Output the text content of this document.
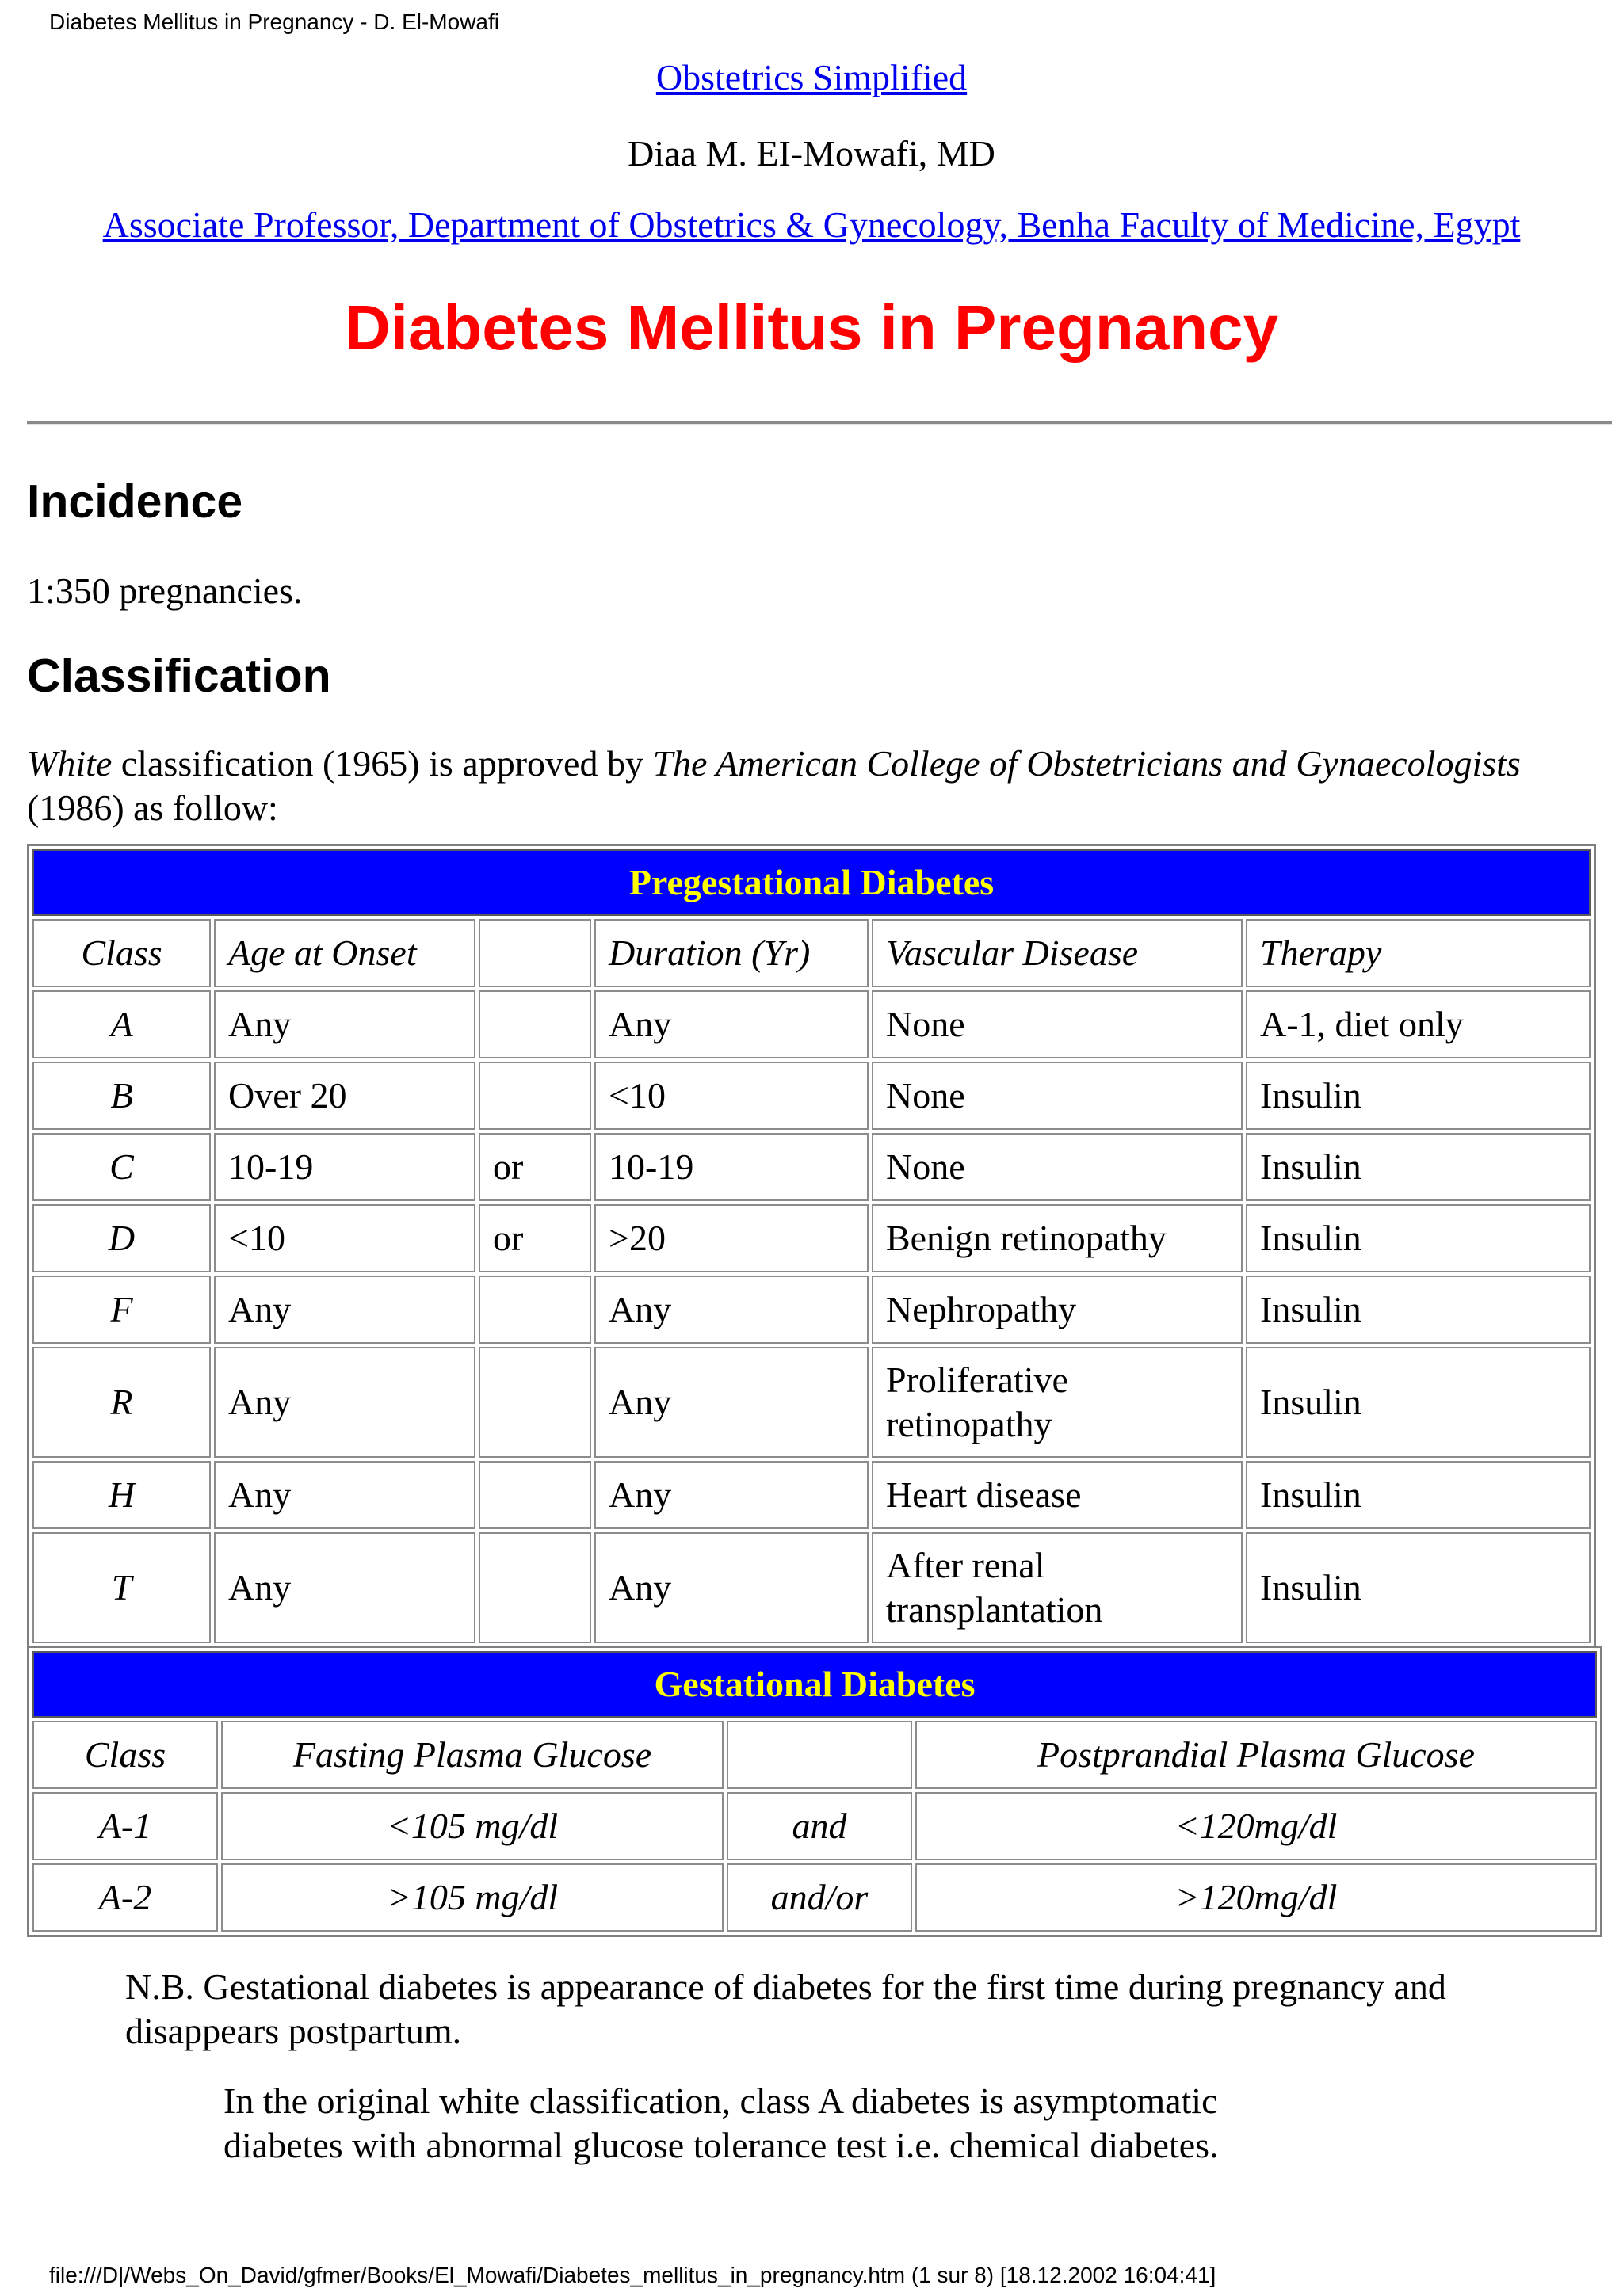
Diabetes Mellitus in Pregnancy - D. El-Mowafi
Obstetrics Simplified
Diaa M. EI-Mowafi, MD
Associate Professor, Department of Obstetrics & Gynecology, Benha Faculty of Medicine, Egypt
Diabetes Mellitus in Pregnancy
Incidence

1:350 pregnancies.

Classification

White classification (1965) is approved by The American College of Obstetricians and Gynaecologists (1986) as follow:

Pregestational Diabetes					
Class	Age at Onset		Duration (Yr)	Vascular Disease	Therapy
A	Any		Any	None	A-1, diet only
B	Over 20		<10	None	Insulin
C	10-19	or	10-19	None	Insulin
D	<10	or	>20	Benign retinopathy	Insulin
F	Any		Any	Nephropathy	Insulin
R	Any		Any	Proliferative retinopathy	Insulin
H	Any		Any	Heart disease	Insulin
T	Any		Any	After renal transplantation	Insulin
Gestational Diabetes			
Class	Fasting Plasma Glucose		Postprandial Plasma Glucose
A-1	<105 mg/dl	and	<120mg/dl
A-2	>105 mg/dl	and/or	>120mg/dl

N.B. Gestational diabetes is appearance of diabetes for the first time during pregnancy and disappears postpartum.

In the original white classification, class A diabetes is asymptomatic diabetes with abnormal glucose tolerance test i.e. chemical diabetes.

file:///D|/Webs_On_David/gfmer/Books/El_Mowafi/Diabetes_mellitus_in_pregnancy.htm (1 sur 8) [18.12.2002 16:04:41]
